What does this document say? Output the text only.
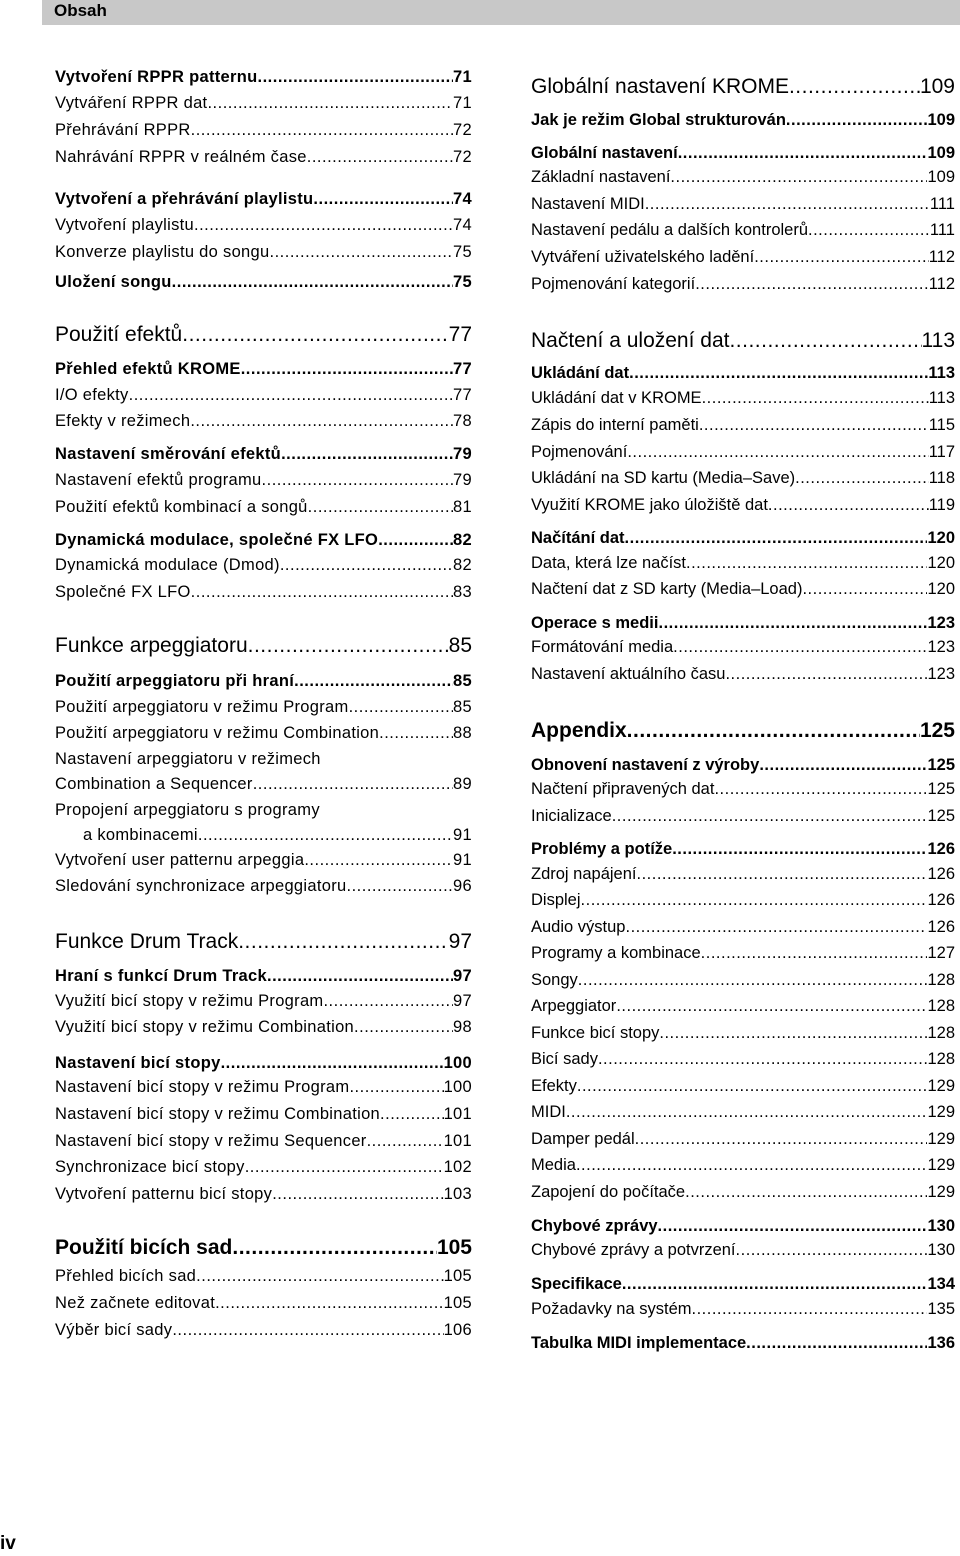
Obsah
Vytvoření RPPR patternu .....	71
Vytváření RPPR dat .....	71
Přehrávání RPPR .....	72
Nahrávání RPPR v reálném čase .....	72
Vytvoření a přehrávání playlistu .....	74
Vytvoření playlistu .....	74
Konverze playlistu do songu .....	75
Uložení songu .....	75
Použití efektů .....	77
Přehled efektů KROME .....	77
I/O efekty .....	77
Efekty v režimech .....	78
Nastavení směrování efektů .....	79
Nastavení efektů programu .....	79
Použití efektů kombinací a songů .....	81
Dynamická modulace, společné FX LFO .....	82
Dynamická modulace (Dmod) .....	82
Společné FX LFO .....	83
Funkce arpeggiatoru .....	85
Použití arpeggiatoru při hraní .....	85
Použití arpeggiatoru v režimu Program .....	85
Použití arpeggiatoru v režimu Combination .....	88
Nastavení arpeggiatoru v režimech
Combination a Sequencer .....	89
Propojení arpeggiatoru s programy
a kombinacemi .....	91
Vytvoření user patternu arpeggia .....	91
Sledování synchronizace arpeggiatoru .....	96
Funkce Drum Track .....	97
Hraní s funkcí Drum Track .....	97
Využití bicí stopy v režimu Program .....	97
Využití bicí stopy v režimu Combination .....	98
Nastavení bicí stopy .....	100
Nastavení bicí stopy v režimu Program .....	100
Nastavení bicí stopy v režimu Combination .....	101
Nastavení bicí stopy v režimu Sequencer .....	101
Synchronizace bicí stopy .....	102
Vytvoření patternu bicí stopy .....	103
Použití bicích sad .....	105
Přehled bicích sad .....	105
Než začnete editovat .....	105
Výběr bicí sady .....	106
Globální nastavení KROME .....	109
Jak je režim Global strukturován .....	109
Globální nastavení .....	109
Základní nastavení .....	109
Nastavení MIDI .....	111
Nastavení pedálu a dalších kontrolerů .....	111
Vytváření uživatelského ladění .....	112
Pojmenování kategorií .....	112
Načtení a uložení dat .....	113
Ukládání dat .....	113
Ukládání dat v KROME .....	113
Zápis do interní paměti .....	115
Pojmenování .....	117
Ukládání na SD kartu (Media–Save) .....	118
Využití KROME jako úložiště dat .....	119
Načítání dat .....	120
Data, která lze načíst .....	120
Načtení dat z SD karty (Media–Load) .....	120
Operace s medii .....	123
Formátování media .....	123
Nastavení aktuálního času .....	123
Appendix .....	125
Obnovení nastavení z výroby .....	125
Načtení připravených dat .....	125
Inicializace .....	125
Problémy a potíže .....	126
Zdroj napájení .....	126
Displej .....	126
Audio výstup .....	126
Programy a kombinace .....	127
Songy .....	128
Arpeggiator .....	128
Funkce bicí stopy .....	128
Bicí sady .....	128
Efekty .....	129
MIDI .....	129
Damper pedál .....	129
Media .....	129
Zapojení do počítače .....	129
Chybové zprávy .....	130
Chybové zprávy a potvrzení .....	130
Specifikace .....	134
Požadavky na systém .....	135
Tabulka MIDI implementace .....	136
iv
